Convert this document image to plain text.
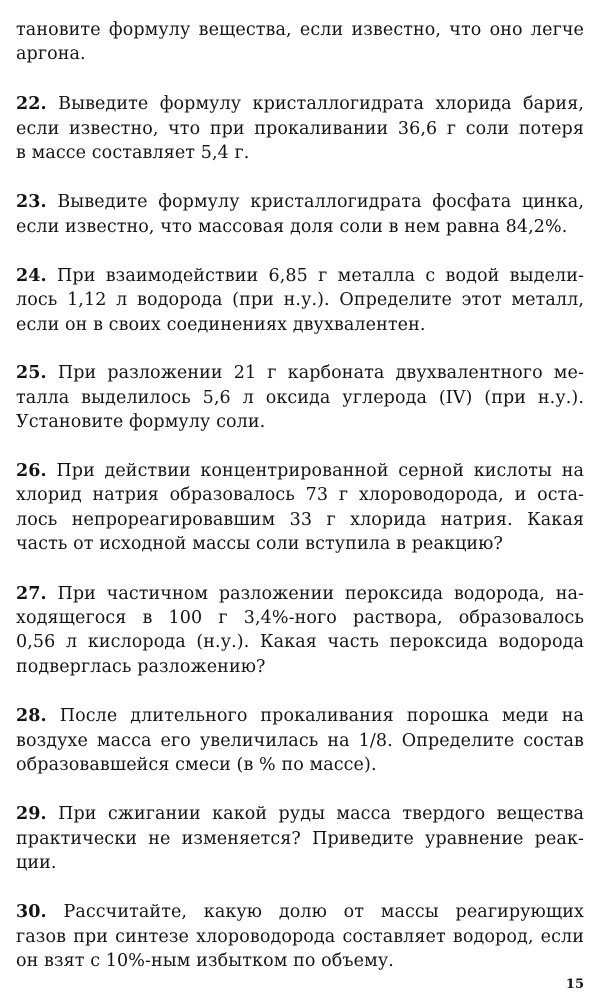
тановите формулу вещества, если известно, что оно легче
аргона.
22. Выведите формулу кристаллогидрата хлорида бария,
если известно, что при прокаливании 36,6 г соли потеря
в массе составляет 5,4 г.
23. Выведите формулу кристаллогидрата фосфата цинка,
если известно, что массовая доля соли в нем равна 84,2%.
24. При взаимодействии 6,85 г металла с водой выдели-
лось 1,12 л водорода (при н.у.). Определите этот металл,
если он в своих соединениях двухвалентен.
25. При разложении 21 г карбоната двухвалентного ме-
талла выделилось 5,6 л оксида углерода (IV) (при н.у.).
Установите формулу соли.
26. При действии концентрированной серной кислоты на
хлорид натрия образовалось 73 г хлороводорода, и оста-
лось непрореагировавшим 33 г хлорида натрия. Какая
часть от исходной массы соли вступила в реакцию?
27. При частичном разложении пероксида водорода, на-
ходящегося в 100 г 3,4%-ного раствора, образовалось
0,56 л кислорода (н.у.). Какая часть пероксида водорода
подверглась разложению?
28. После длительного прокаливания порошка меди на
воздухе масса его увеличилась на 1/8. Определите состав
образовавшейся смеси (в % по массе).
29. При сжигании какой руды масса твердого вещества
практически не изменяется? Приведите уравнение реак-
ции.
30. Рассчитайте, какую долю от массы реагирующих
газов при синтезе хлороводорода составляет водород, если
он взят с 10%-ным избытком по объему.
15
